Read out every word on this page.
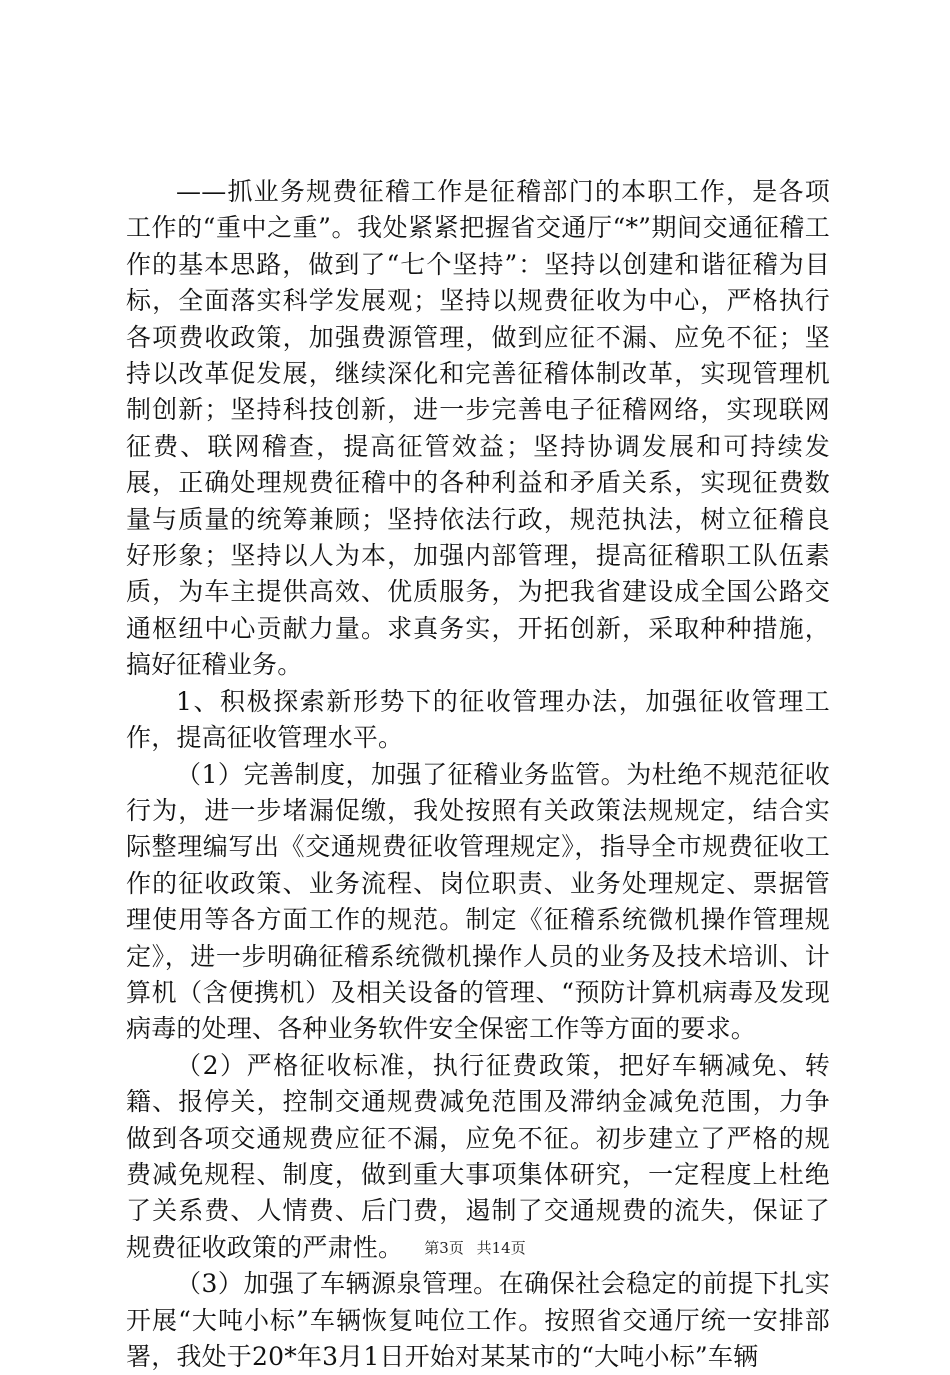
——抓业务规费征稽工作是征稽部门的本职工作，是各项工作的“重中之重”。我处紧紧把握省交通厅“*”期间交通征稽工作的基本思路，做到了“七个坚持”：坚持以创建和谐征稽为目标，全面落实科学发展观；坚持以规费征收为中心，严格执行各项费收政策，加强费源管理，做到应征不漏、应免不征；坚持以改革促发展，继续深化和完善征稽体制改革，实现管理机制创新；坚持科技创新，进一步完善电子征稽网络，实现联网征费、联网稽查，提高征管效益；坚持协调发展和可持续发展，正确处理规费征稽中的各种利益和矛盾关系，实现征费数量与质量的统筹兼顾；坚持依法行政，规范执法，树立征稽良好形象；坚持以人为本，加强内部管理，提高征稽职工队伍素质，为车主提供高效、优质服务，为把我省建设成全国公路交通枢纽中心贡献力量。求真务实，开拓创新，采取种种措施，搞好征稽业务。

1、积极探索新形势下的征收管理办法，加强征收管理工作，提高征收管理水平。

（1）完善制度，加强了征稽业务监管。为杜绝不规范征收行为，进一步堵漏促缴，我处按照有关政策法规规定，结合实际整理编写出《交通规费征收管理规定》，指导全市规费征收工作的征收政策、业务流程、岗位职责、业务处理规定、票据管理使用等各方面工作的规范。制定《征稽系统微机操作管理规定》，进一步明确征稽系统微机操作人员的业务及技术培训、计算机（含便携机）及相关设备的管理、“预防计算机病毒及发现病毒的处理、各种业务软件安全保密工作等方面的要求。

（2）严格征收标准，执行征费政策，把好车辆减免、转籍、报停关，控制交通规费减免范围及滞纳金减免范围，力争做到各项交通规费应征不漏，应免不征。初步建立了严格的规费减免规程、制度，做到重大事项集体研究，一定程度上杜绝了关系费、人情费、后门费，遏制了交通规费的流失，保证了规费征收政策的严肃性。

（3）加强了车辆源泉管理。在确保社会稳定的前提下扎实开展“大吨小标”车辆恢复吨位工作。按照省交通厅统一安排部署，我处于20*年3月1日开始对某某市的“大吨小标”车辆

第3页 共14页
